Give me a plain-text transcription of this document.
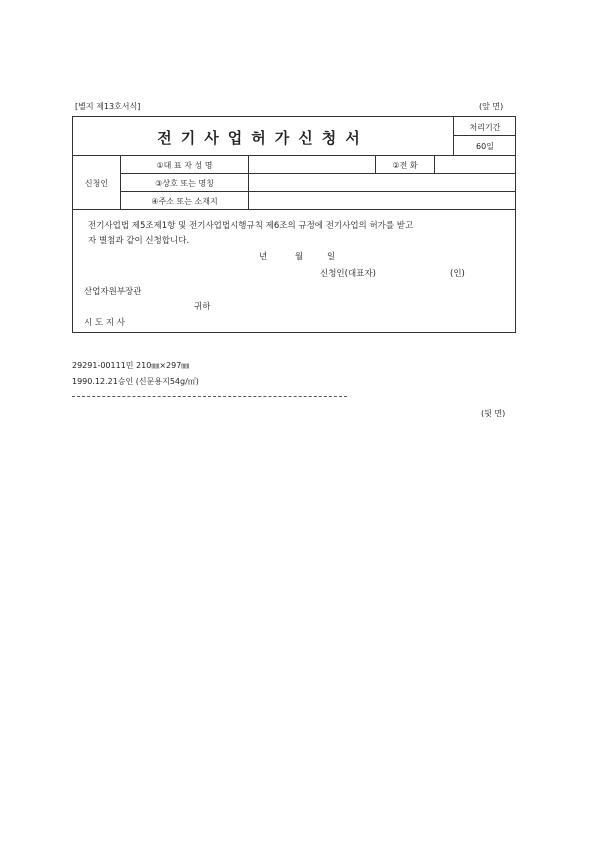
[별지 제13호서식]	(앞 면)
전기사업허가신청서
처리기간
60일
신청인
①대 표 자 성 명	②전 화
③상호 또는 명칭
④주소 또는 소재지
전기사업법 제5조제1항 및 전기사업법시행규칙 제6조의 규정에 전기사업의 허가를 받고
자 별첨과 같이 신청합니다.
년	월	일
신청인(대표자)	(인)
산업자원부장관
귀하
시 도 지 사
29291-00111민 210㎜×297㎜
1990.12.21승인 (신문용지54g/㎡)
(뒷 면)
